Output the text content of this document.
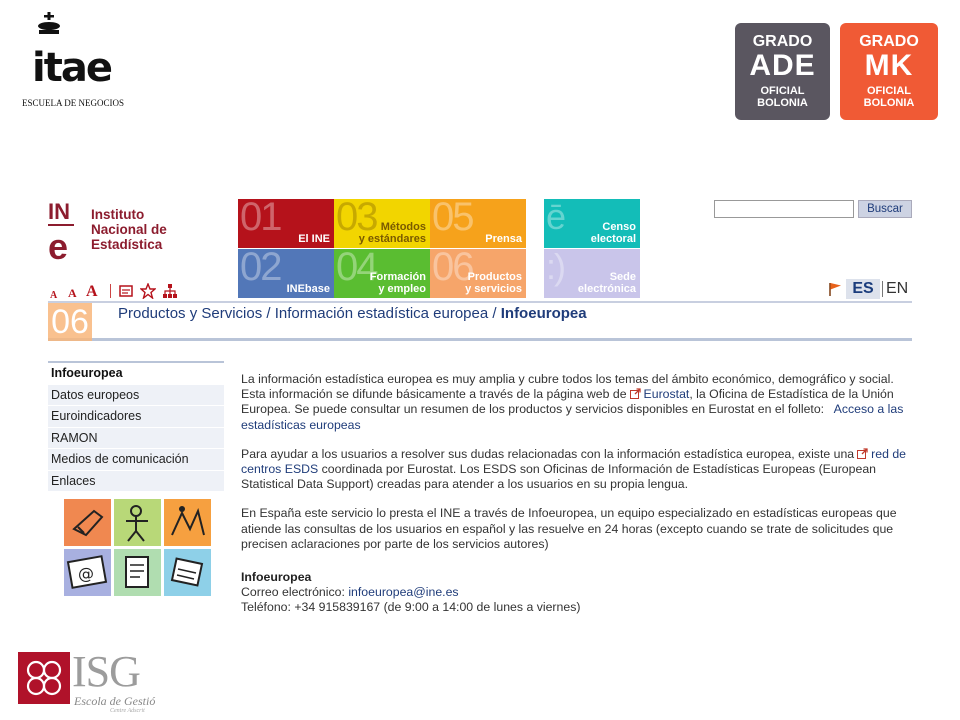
itae
ESCUELA DE NEGOCIOS
GRADO
ADE
OFICIAL
BOLONIA
GRADO
MK
OFICIAL
BOLONIA
IN
e
Instituto
Nacional de
Estadística
01 El INE
02 INEbase
03 Métodos
y estándares
04
Formación
y empleo
05 Prensa
06
Productos
y servicios
ē	Censo
electoral
:)	Sede
electrónica
Buscar
A A A	ES EN
06 Productos y Servicios / Información estadística europea / Infoeuropea
Infoeuropea
Datos europeos
Euroindicadores
RAMON
Medios de comunicación
Enlaces
@

La información estadística europea es muy amplia y cubre todos los temas del ámbito económico, demográfico y social. Esta información se difunde básicamente a través de la página web de Eurostat, la Oficina de Estadística de la Unión Europea. Se puede consultar un resumen de los productos y servicios disponibles en Eurostat en el folleto: Acceso a las estadísticas europeas

Para ayudar a los usuarios a resolver sus dudas relacionadas con la información estadística europea, existe una red de centros ESDS coordinada por Eurostat. Los ESDS son Oficinas de Información de Estadísticas Europeas (European Statistical Data Support) creadas para atender a los usuarios en su propia lengua.

En España este servicio lo presta el INE a través de Infoeuropea, un equipo especializado en estadísticas europeas que atiende las consultas de los usuarios en español y las resuelve en 24 horas (excepto cuando se trate de solicitudes que precisen aclaraciones por parte de los servicios autores)

Infoeuropea
Correo electrónico: infoeuropea@ine.es
Teléfono: +34 915839167 (de 9:00 a 14:00 de lunes a viernes)
ISG
Escola de Gestió
Centre Adscrit
